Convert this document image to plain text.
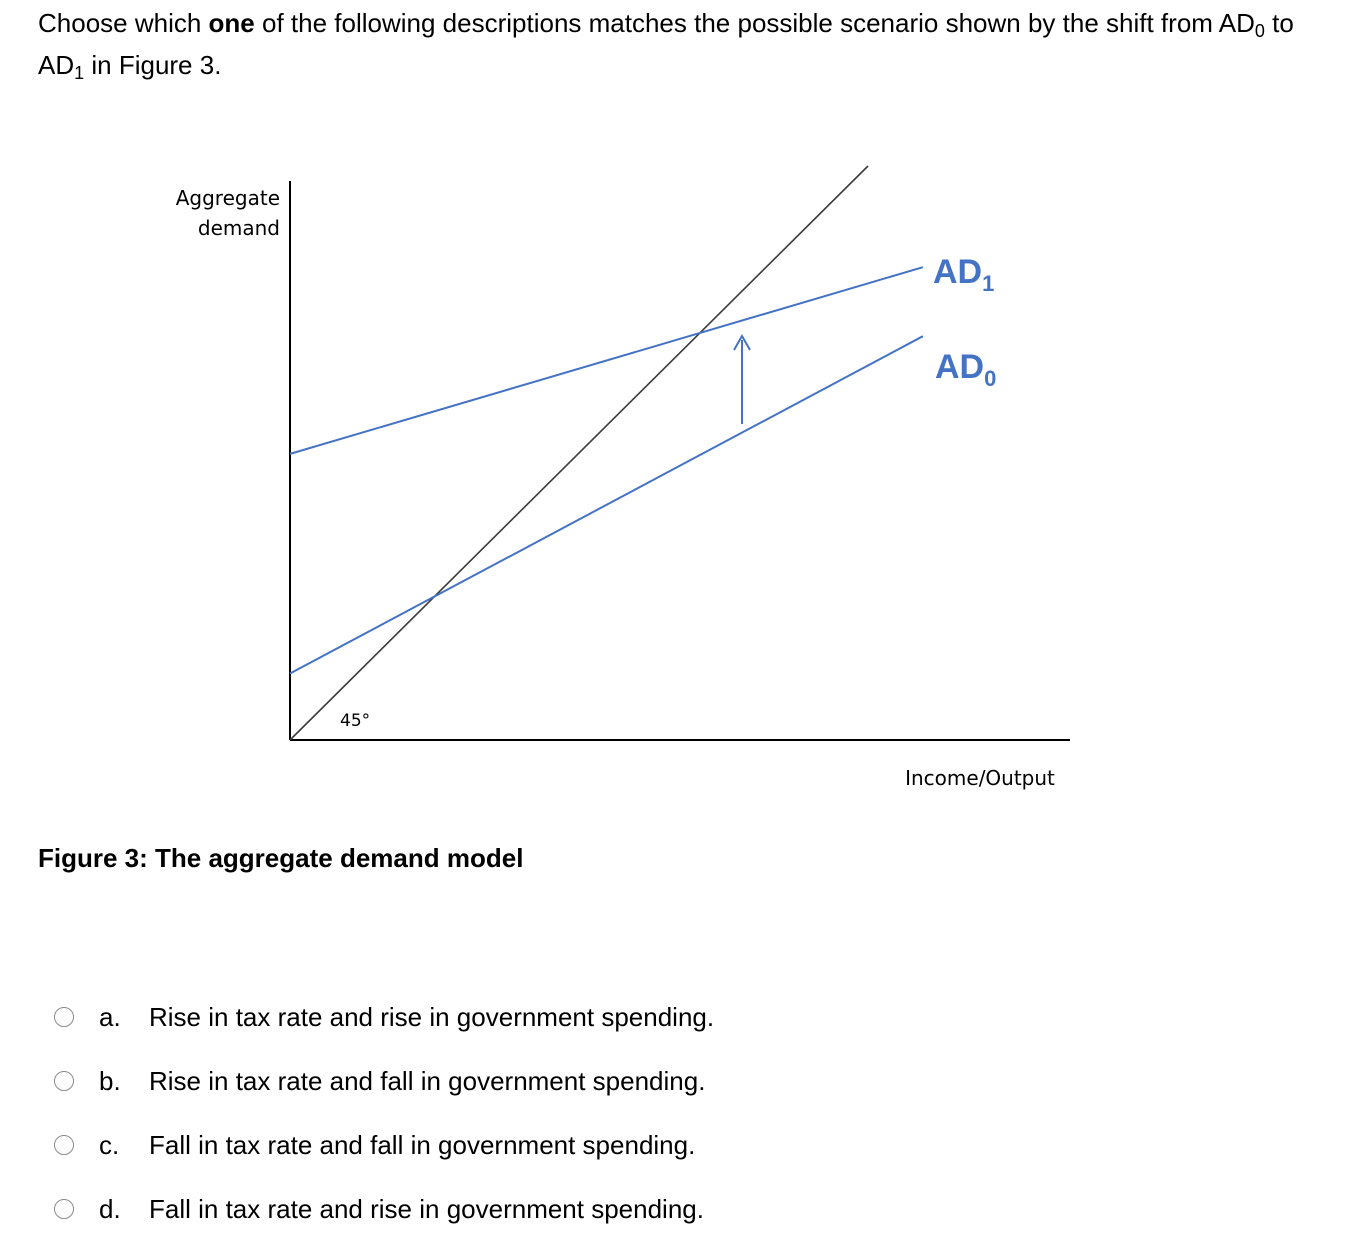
Choose which one of the following descriptions matches the possible scenario shown by the shift from $AD_0$ to $AD_1$ in Figure 3.
Aggregate
demand
Income/Output
45°
$AD_1$
$AD_0$
Figure 3: The aggregate demand model
a.	Rise in tax rate and rise in government spending.
b.	Rise in tax rate and fall in government spending.
c.	Fall in tax rate and fall in government spending.
d.	Fall in tax rate and rise in government spending.
